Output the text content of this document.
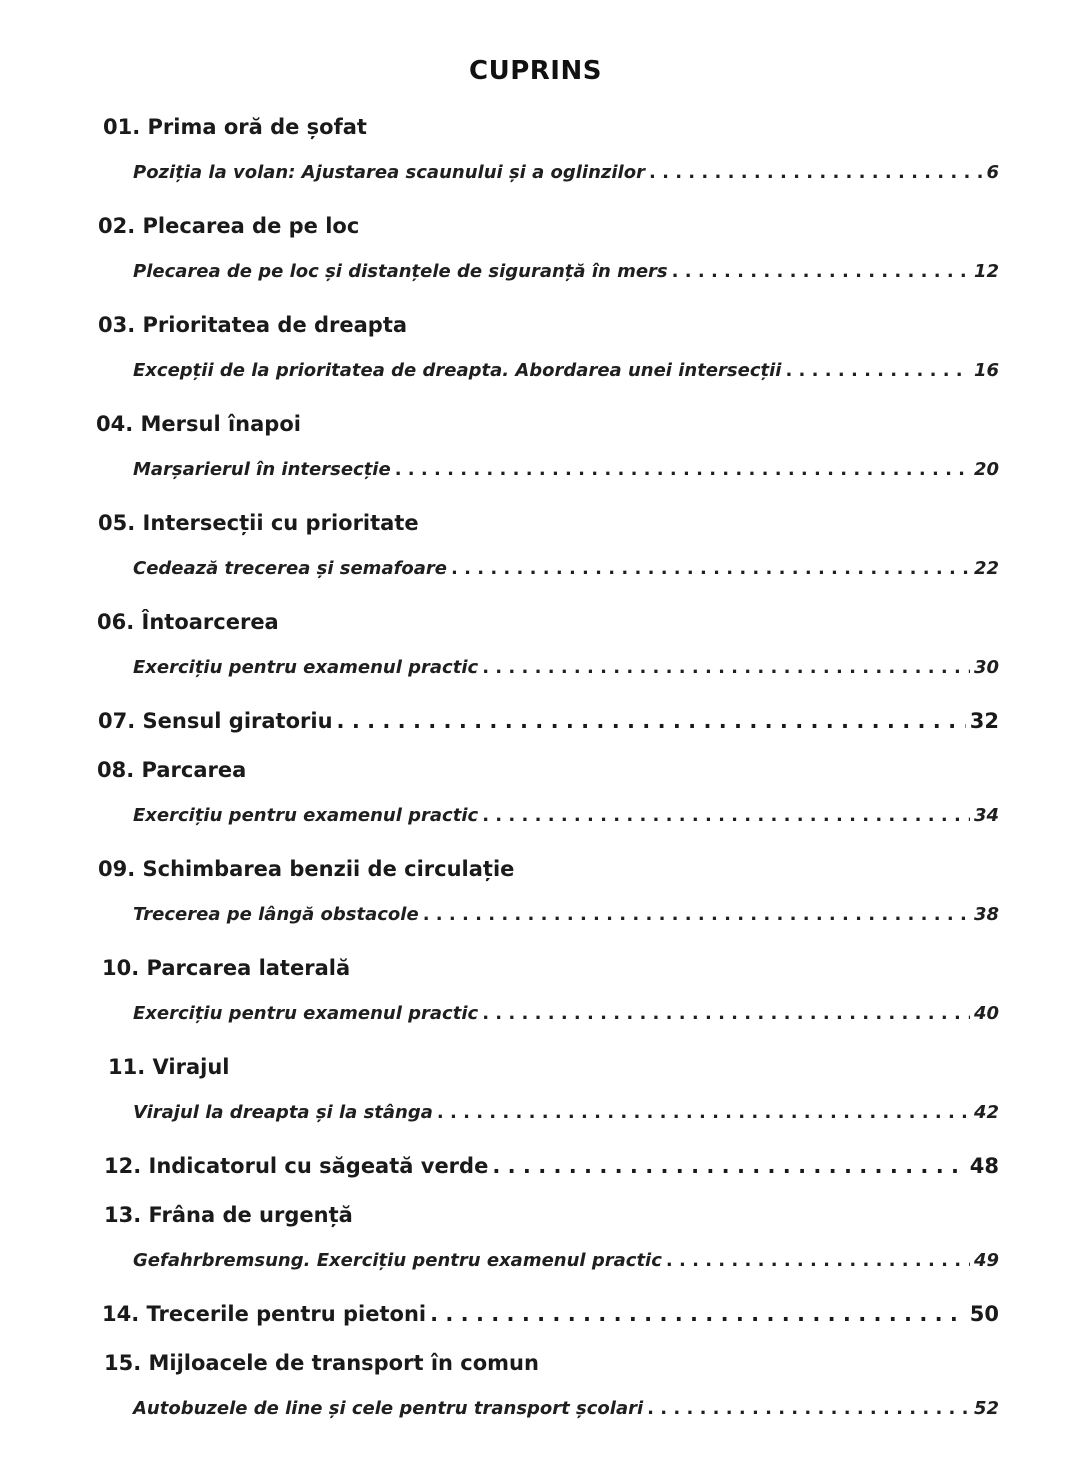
CUPRINS
01. Prima oră de șofat
Poziția la volan: Ajustarea scaunului și a oglinzilor . . .	6
02. Plecarea de pe loc
Plecarea de pe loc și distanțele de siguranță în mers . . .	12
03. Prioritatea de dreapta
Excepții de la prioritatea de dreapta. Abordarea unei intersecții . . .	16
04. Mersul înapoi
Marșarierul în intersecție . . .	20
05. Intersecții cu prioritate
Cedează trecerea și semafoare . . .	22
06. Întoarcerea
Exercițiu pentru examenul practic . . .	30
07. Sensul giratoriu . . .	32
08. Parcarea
Exercițiu pentru examenul practic . . .	34
09. Schimbarea benzii de circulație
Trecerea pe lângă obstacole . . .	38
10. Parcarea laterală
Exercițiu pentru examenul practic . . .	40
11. Virajul
Virajul la dreapta și la stânga . . .	42
12. Indicatorul cu săgeată verde . . .	48
13. Frâna de urgență
Gefahrbremsung. Exercițiu pentru examenul practic . . .	49
14. Trecerile pentru pietoni . . .	50
15. Mijloacele de transport în comun
Autobuzele de line și cele pentru transport școlari . . .	52
